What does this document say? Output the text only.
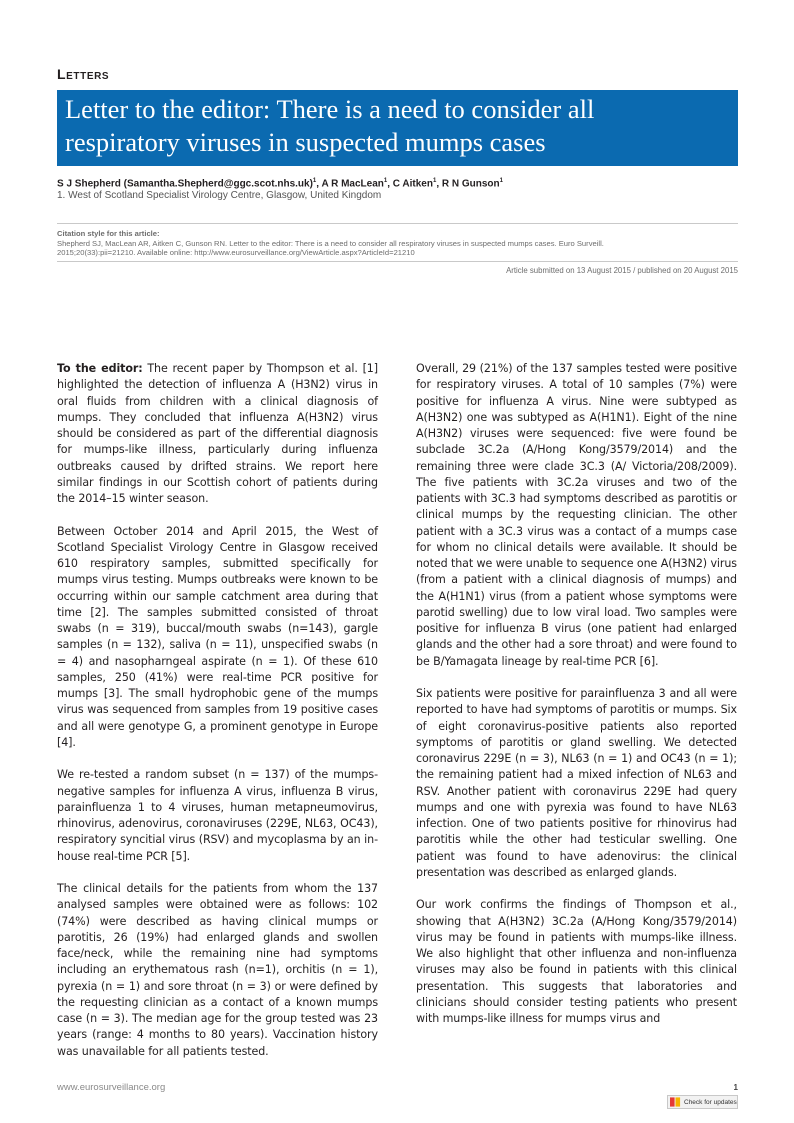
Letters
Letter to the editor: There is a need to consider all
respiratory viruses in suspected mumps cases
S J Shepherd (Samantha.Shepherd@ggc.scot.nhs.uk)$^1$, A R MacLean$^1$, C Aitken$^1$, R N Gunson$^1$
1. West of Scotland Specialist Virology Centre, Glasgow, United Kingdom
Citation style for this article:
Shepherd SJ, MacLean AR, Aitken C, Gunson RN. Letter to the editor: There is a need to consider all respiratory viruses in suspected mumps cases. Euro Surveill.
2015;20(33):pii=21210. Available online: http://www.eurosurveillance.org/ViewArticle.aspx?ArticleId=21210
Article submitted on 13 August 2015 / published on 20 August 2015

To the editor: The recent paper by Thompson et al. [1] highlighted the detection of influenza A (H3N2) virus in oral fluids from children with a clinical diagnosis of mumps. They concluded that influenza A(H3N2) virus should be considered as part of the differential diagnosis for mumps-like illness, particularly during influenza outbreaks caused by drifted strains. We report here similar findings in our Scottish cohort of patients during the 2014–15 winter season.

Between October 2014 and April 2015, the West of Scotland Specialist Virology Centre in Glasgow received 610 respiratory samples, submitted specifically for mumps virus testing. Mumps outbreaks were known to be occurring within our sample catchment area during that time [2]. The samples submitted consisted of throat swabs (n = 319), buccal/mouth swabs (n=143), gargle samples (n = 132), saliva (n = 11), unspecified swabs (n = 4) and nasopharngeal aspirate (n = 1). Of these 610 samples, 250 (41%) were real-time PCR positive for mumps [3]. The small hydrophobic gene of the mumps virus was sequenced from samples from 19 positive cases and all were genotype G, a prominent genotype in Europe [4].

We re-tested a random subset (n = 137) of the mumps-negative samples for influenza A virus, influenza B virus, parainfluenza 1 to 4 viruses, human metapneumovirus, rhinovirus, adenovirus, coronaviruses (229E, NL63, OC43), respiratory syncitial virus (RSV) and mycoplasma by an in-house real-time PCR [5].

The clinical details for the patients from whom the 137 analysed samples were obtained were as follows: 102 (74%) were described as having clinical mumps or parotitis, 26 (19%) had enlarged glands and swollen face/neck, while the remaining nine had symptoms including an erythematous rash (n=1), orchitis (n = 1), pyrexia (n = 1) and sore throat (n = 3) or were defined by the requesting clinician as a contact of a known mumps case (n = 3). The median age for the group tested was 23 years (range: 4 months to 80 years). Vaccination history was unavailable for all patients tested.

Overall, 29 (21%) of the 137 samples tested were positive for respiratory viruses. A total of 10 samples (7%) were positive for influenza A virus. Nine were subtyped as A(H3N2) one was subtyped as A(H1N1). Eight of the nine A(H3N2) viruses were sequenced: five were found be subclade 3C.2a (A/Hong Kong/3579/2014) and the remaining three were clade 3C.3 (A/ Victoria/208/2009). The five patients with 3C.2a viruses and two of the patients with 3C.3 had symptoms described as parotitis or clinical mumps by the requesting clinician. The other patient with a 3C.3 virus was a contact of a mumps case for whom no clinical details were available. It should be noted that we were unable to sequence one A(H3N2) virus (from a patient with a clinical diagnosis of mumps) and the A(H1N1) virus (from a patient whose symptoms were parotid swelling) due to low viral load. Two samples were positive for influenza B virus (one patient had enlarged glands and the other had a sore throat) and were found to be B/Yamagata lineage by real-time PCR [6].

Six patients were positive for parainfluenza 3 and all were reported to have had symptoms of parotitis or mumps. Six of eight coronavirus-positive patients also reported symptoms of parotitis or gland swelling. We detected coronavirus 229E (n = 3), NL63 (n = 1) and OC43 (n = 1); the remaining patient had a mixed infection of NL63 and RSV. Another patient with coronavirus 229E had query mumps and one with pyrexia was found to have NL63 infection. One of two patients positive for rhinovirus had parotitis while the other had testicular swelling. One patient was found to have adenovirus: the clinical presentation was described as enlarged glands.

Our work confirms the findings of Thompson et al., showing that A(H3N2) 3C.2a (A/Hong Kong/3579/2014) virus may be found in patients with mumps-like illness. We also highlight that other influenza and non-influenza viruses may also be found in patients with this clinical presentation. This suggests that laboratories and clinicians should consider testing patients who present with mumps-like illness for mumps virus and

www.eurosurveillance.org	1
Check for updates
